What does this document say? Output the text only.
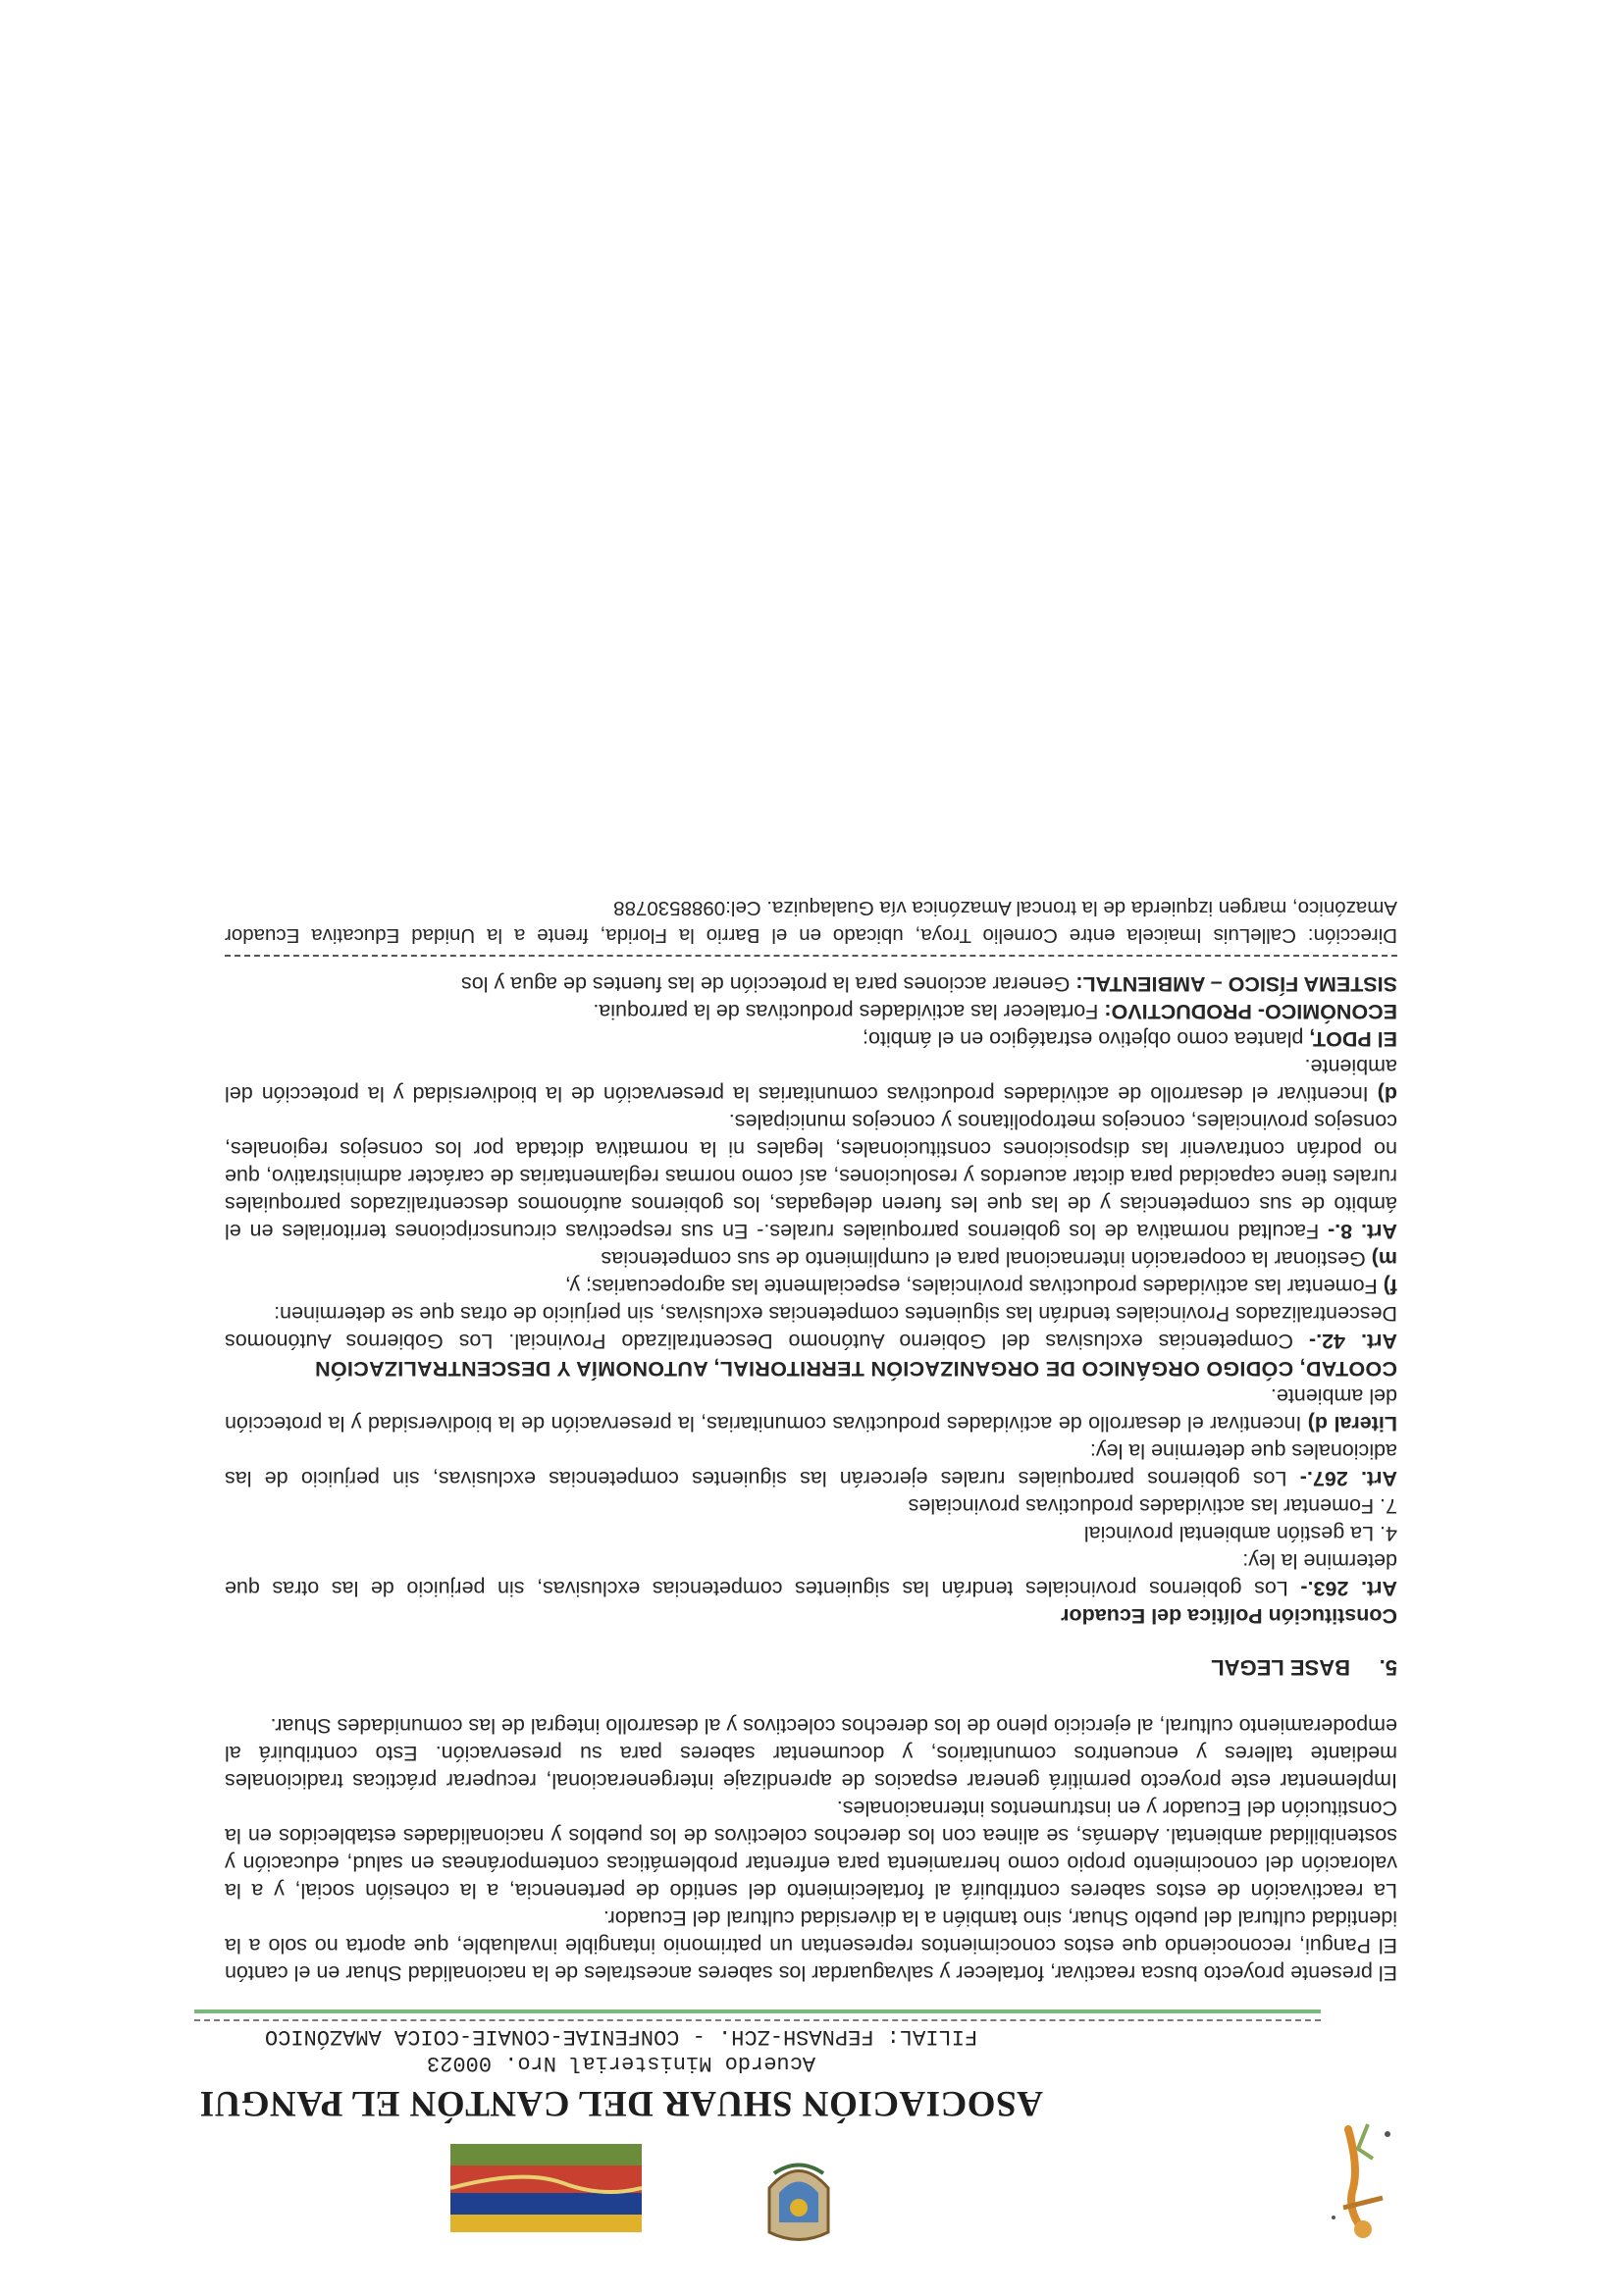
ASOCIACIÓN SHUAR DEL CANTÓN EL PANGUI
Acuerdo Ministerial Nro. 00023
FILIAL: FEPNASH-ZCH. - CONFENIAE-CONAIE-COICA AMAZÓNICO

El presente proyecto busca reactivar, fortalecer y salvaguardar los saberes ancestrales de la nacionalidad Shuar en el cantón El Pangui, reconociendo que estos conocimientos representan un patrimonio intangible invaluable, que aporta no solo a la identidad cultural del pueblo Shuar, sino también a la diversidad cultural del Ecuador.

La reactivación de estos saberes contribuirá al fortalecimiento del sentido de pertenencia, a la cohesión social, y a la valoración del conocimiento propio como herramienta para enfrentar problemáticas contemporáneas en salud, educación y sostenibilidad ambiental. Además, se alinea con los derechos colectivos de los pueblos y nacionalidades establecidos en la Constitución del Ecuador y en instrumentos internacionales.

Implementar este proyecto permitirá generar espacios de aprendizaje intergeneracional, recuperar prácticas tradicionales mediante talleres y encuentros comunitarios, y documentar saberes para su preservación. Esto contribuirá al empoderamiento cultural, al ejercicio pleno de los derechos colectivos y al desarrollo integral de las comunidades Shuar.

5.BASE LEGAL

Constitución Política del Ecuador

Art. 263.- Los gobiernos provinciales tendrán las siguientes competencias exclusivas, sin perjuicio de las otras que determine la ley:

4. La gestión ambiental provincial

7. Fomentar las actividades productivas provinciales

Art. 267.- Los gobiernos parroquiales rurales ejercerán las siguientes competencias exclusivas, sin perjuicio de las adicionales que determine la ley:

Literal d) Incentivar el desarrollo de actividades productivas comunitarias, la preservación de la biodiversidad y la protección del ambiente.

COOTAD, CÓDIGO ORGÁNICO DE ORGANIZACIÓN TERRITORIAL, AUTONOMÍA Y DESCENTRALIZACIÓN

Art. 42.- Competencias exclusivas del Gobierno Autónomo Descentralizado Provincial. Los Gobiernos Autónomos Descentralizados Provinciales tendrán las siguientes competencias exclusivas, sin perjuicio de otras que se determinen:

f) Fomentar las actividades productivas provinciales, especialmente las agropecuarias; y,

m) Gestionar la cooperación internacional para el cumplimiento de sus competencias

Art. 8.- Facultad normativa de los gobiernos parroquiales rurales.- En sus respectivas circunscripciones territoriales en el ámbito de sus competencias y de las que les fueren delegadas, los gobiernos autónomos descentralizados parroquiales rurales tiene capacidad para dictar acuerdos y resoluciones, así como normas reglamentarias de carácter administrativo, que no podrán contravenir las disposiciones constitucionales, legales ni la normativa dictada por los consejos regionales, consejos provinciales, concejos metropolitanos y concejos municipales.

d) Incentivar el desarrollo de actividades productivas comunitarias la preservación de la biodiversidad y la protección del ambiente.

El PDOT, plantea como objetivo estratégico en el ámbito;

ECONÓMICO- PRODUCTIVO: Fortalecer las actividades productivas de la parroquia.

SISTEMA FÍSICO – AMBIENTAL: Generar acciones para la protección de las fuentes de agua y los

Dirección: CalleLuis Imaicela entre Cornelio Troya, ubicado en el Barrio la Florida, frente a la Unidad Educativa Ecuador Amazónico, margen izquierda de la troncal Amazónica vía Gualaquiza. Cel:0988530788
